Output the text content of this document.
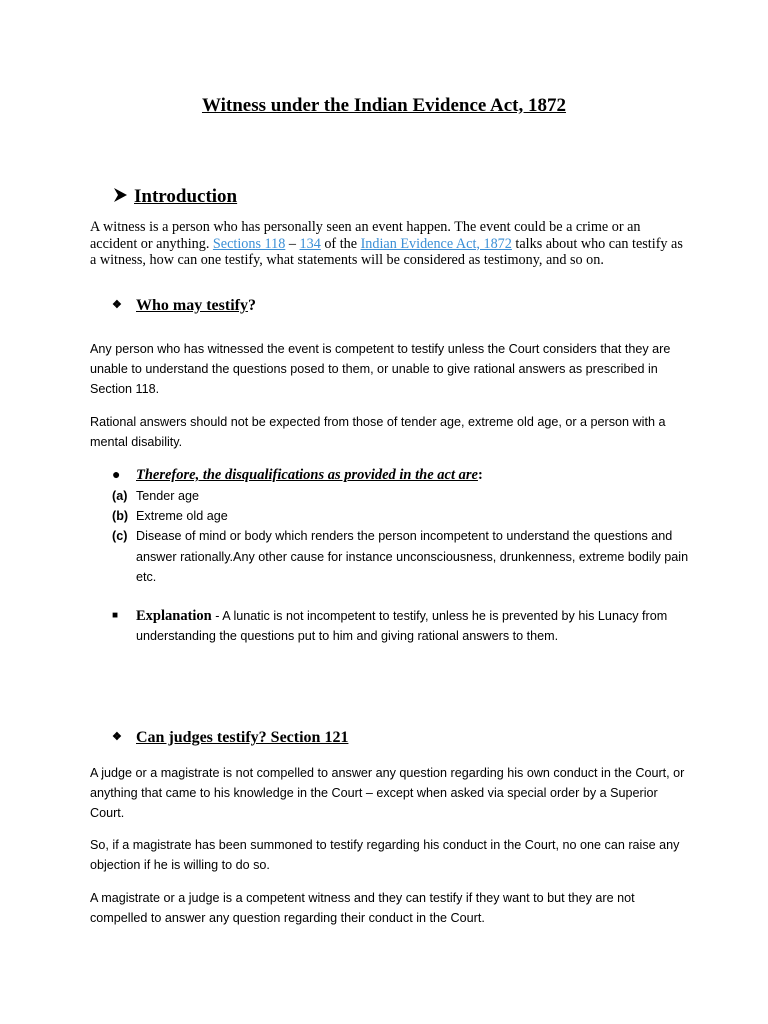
Witness under the Indian Evidence Act, 1872
Introduction
A witness is a person who has personally seen an event happen. The event could be a crime or an accident or anything. Sections 118 – 134 of the Indian Evidence Act, 1872 talks about who can testify as a witness, how can one testify, what statements will be considered as testimony, and so on.
❖ Who may testify?
Any person who has witnessed the event is competent to testify unless the Court considers that they are unable to understand the questions posed to them, or unable to give rational answers as prescribed in Section 118.
Rational answers should not be expected from those of tender age, extreme old age, or a person with a mental disability.
● Therefore, the disqualifications as provided in the act are:
(a) Tender age
(b) Extreme old age
(c) Disease of mind or body which renders the person incompetent to understand the questions and answer rationally.Any other cause for instance unconsciousness, drunkenness, extreme bodily pain etc.
■	Explanation - A lunatic is not incompetent to testify, unless he is prevented by his Lunacy from understanding the questions put to him and giving rational answers to them.
❖ Can judges testify? Section 121
A judge or a magistrate is not compelled to answer any question regarding his own conduct in the Court, or anything that came to his knowledge in the Court – except when asked via special order by a Superior Court.
So, if a magistrate has been summoned to testify regarding his conduct in the Court, no one can raise any objection if he is willing to do so.
A magistrate or a judge is a competent witness and they can testify if they want to but they are not compelled to answer any question regarding their conduct in the Court.
